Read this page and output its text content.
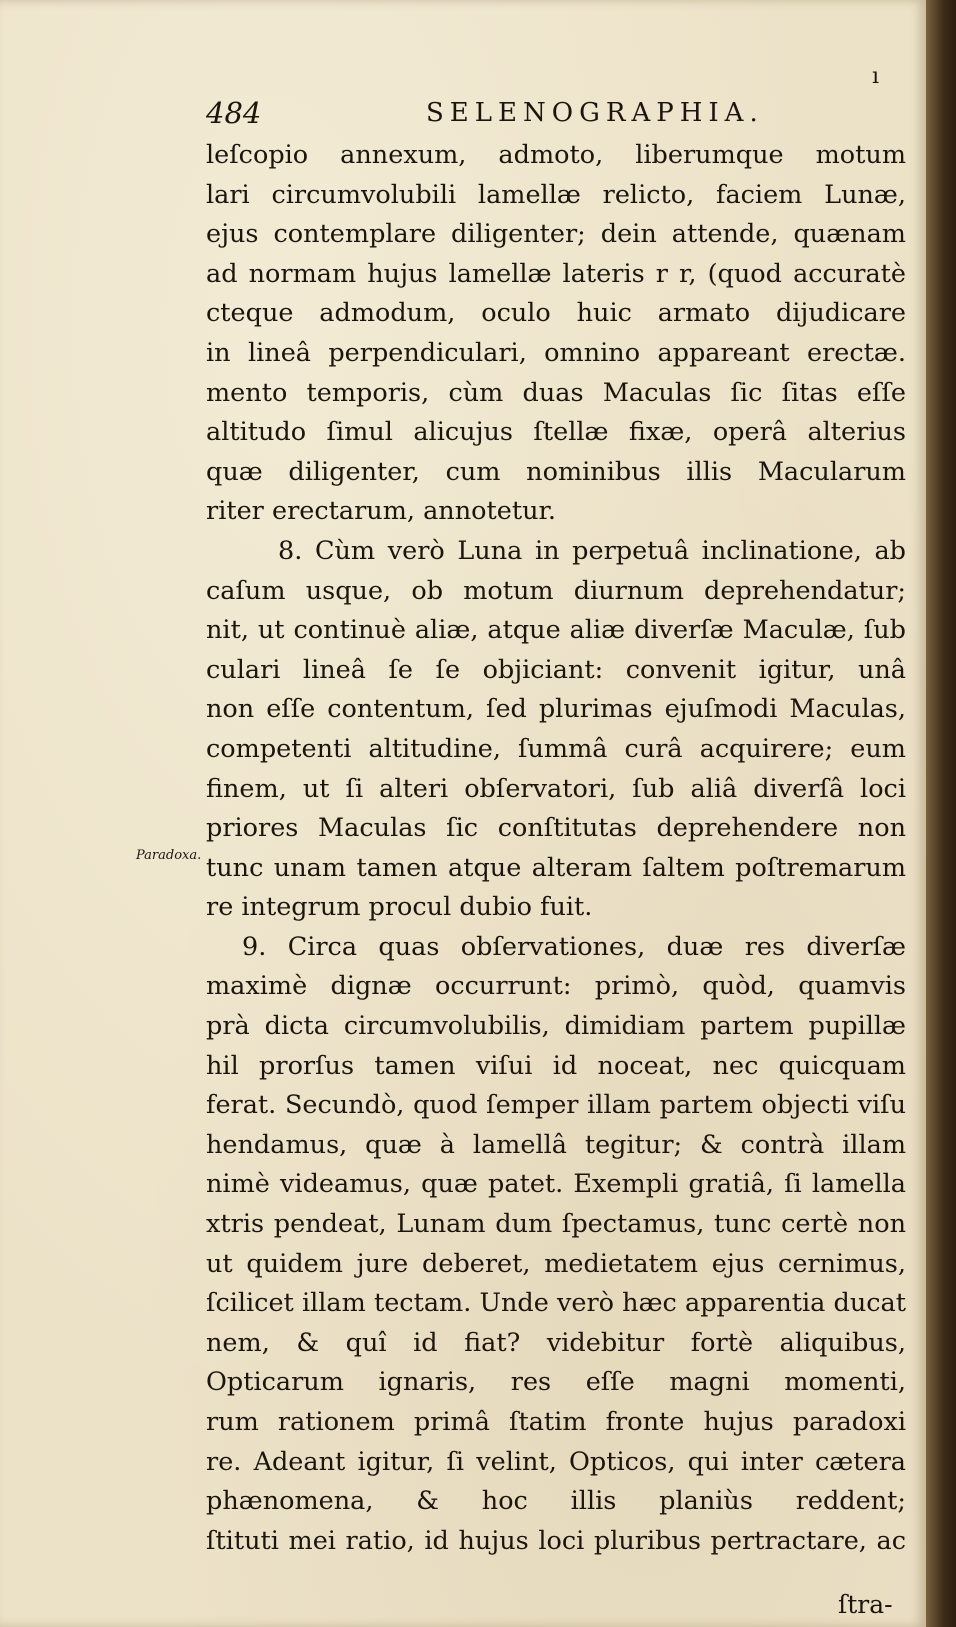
ı
484	SELENOGRAPHIA.
Paradoxa.
leſcopio annexum, admoto, liberumque motum
lari circumvolubili lamellæ relicto, faciem Lunæ,
ejus contemplare diligenter; dein attende, quænam
ad normam hujus lamellæ lateris r r, (quod accuratè
cteque admodum, oculo huic armato dijudicare
in lineâ perpendiculari, omnino appareant erectæ.
mento temporis, cùm duas Maculas ſic ſitas eſſe
altitudo ſimul alicujus ſtellæ fixæ, operâ alterius
quæ diligenter, cum nominibus illis Macularum
riter erectarum, annotetur.
8. Cùm verò Luna in perpetuâ inclinatione, ab
caſum usque, ob motum diurnum deprehendatur;
nit, ut continuè aliæ, atque aliæ diverſæ Maculæ, ſub
culari lineâ ſe ſe objiciant: convenit igitur, unâ
non eſſe contentum, ſed plurimas ejuſmodi Maculas,
competenti altitudine, ſummâ curâ acquirere; eum
finem, ut ſi alteri obſervatori, ſub aliâ diverſâ loci
priores Maculas ſic conſtitutas deprehendere non
tunc unam tamen atque alteram ſaltem poſtremarum
re integrum procul dubio fuit.
9. Circa quas obſervationes, duæ res diverſæ
maximè dignæ occurrunt: primò, quòd, quamvis
prà dicta circumvolubilis, dimidiam partem pupillæ
hil prorſus tamen viſui id noceat, nec quicquam
ferat. Secundò, quod ſemper illam partem objecti viſu
hendamus, quæ à lamellâ tegitur; & contrà illam
nimè videamus, quæ patet. Exempli gratiâ, ſi lamella
xtris pendeat, Lunam dum ſpectamus, tunc certè non
ut quidem jure deberet, medietatem ejus cernimus,
ſcilicet illam tectam. Unde verò hæc apparentia ducat
nem, & quî id fiat? videbitur fortè aliquibus,
Opticarum ignaris, res eſſe magni momenti,
rum rationem primâ ſtatim fronte hujus paradoxi
re. Adeant igitur, ſi velint, Opticos, qui inter cætera
phænomena, & hoc illis planiùs reddent;
ſtituti mei ratio, id hujus loci pluribus pertractare, ac
ſtra-
